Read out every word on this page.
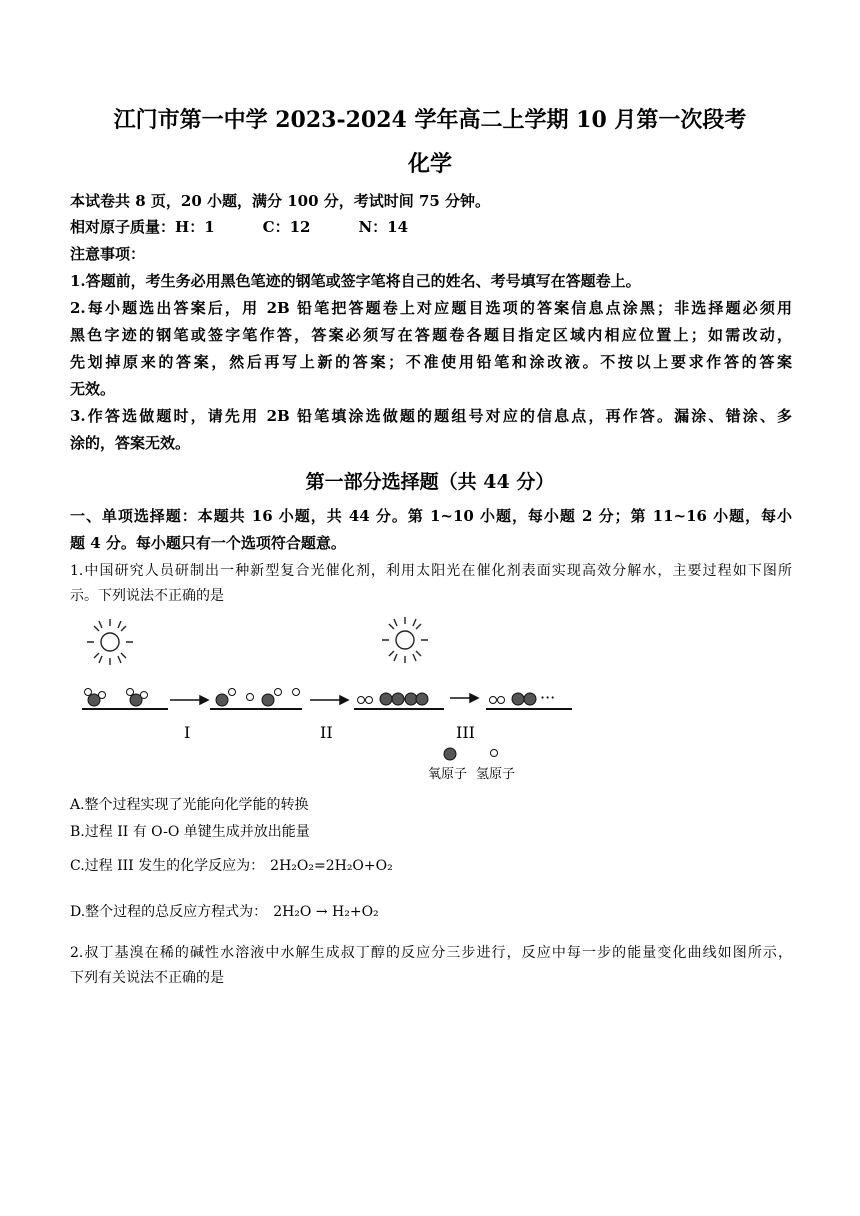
江门市第一中学 2023-2024 学年高二上学期 10 月第一次段考
化学
本试卷共 8 页，20 小题，满分 100 分，考试时间 75 分钟。
相对原子质量：H：1	C：12	N：14
注意事项：
1.答题前，考生务必用黑色笔迹的钢笔或签字笔将自己的姓名、考号填写在答题卷上。
2.每小题选出答案后，用 2B 铅笔把答题卷上对应题目选项的答案信息点涂黑；非选择题必须用
黑色字迹的钢笔或签字笔作答，答案必须写在答题卷各题目指定区域内相应位置上；如需改动，
先划掉原来的答案，然后再写上新的答案；不准使用铅笔和涂改液。不按以上要求作答的答案
无效。
3.作答选做题时，请先用 2B 铅笔填涂选做题的题组号对应的信息点，再作答。漏涂、错涂、多
涂的，答案无效。
第一部分选择题（共 44 分）
一、单项选择题：本题共 16 小题，共 44 分。第 1~10 小题，每小题 2 分；第 11~16 小题，每小
题 4 分。每小题只有一个选项符合题意。
1.中国研究人员研制出一种新型复合光催化剂，利用太阳光在催化剂表面实现高效分解水，主要过程如下图所
示。下列说法不正确的是
···
I	II	III
氧原子 氢原子
A.整个过程实现了光能向化学能的转换
B.过程 II 有 O-O 单键生成并放出能量
C.过程 III 发生的化学反应为： 2H₂O₂=2H₂O+O₂
D.整个过程的总反应方程式为： 2H₂O → H₂+O₂
2.叔丁基溴在稀的碱性水溶液中水解生成叔丁醇的反应分三步进行，反应中每一步的能量变化曲线如图所示，
下列有关说法不正确的是
